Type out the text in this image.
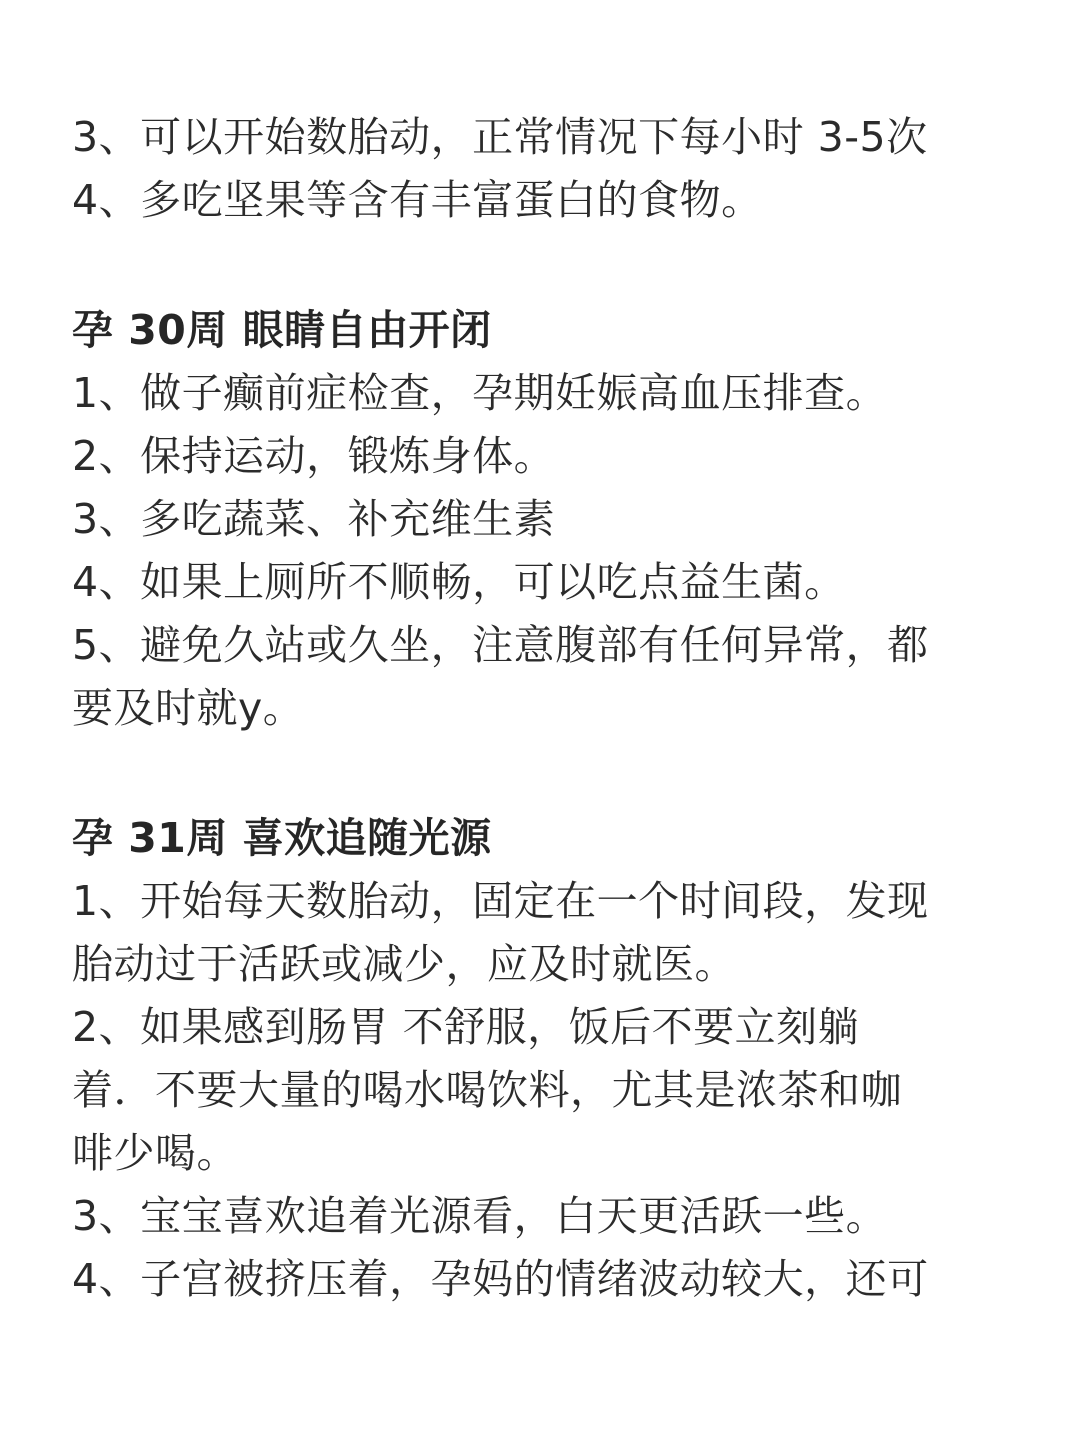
3、可以开始数胎动，正常情况下每小时 3-5次
4、多吃坚果等含有丰富蛋白的食物。
孕 30周 眼睛自由开闭
1、做子癫前症检查，孕期妊娠高血压排查。
2、保持运动，锻炼身体。
3、多吃蔬菜、补充维生素
4、如果上厕所不顺畅，可以吃点益生菌。
5、避免久站或久坐，注意腹部有任何异常，都
要及时就y。
孕 31周 喜欢追随光源
1、开始每天数胎动，固定在一个时间段，发现
胎动过于活跃或减少，应及时就医。
2、如果感到肠胃 不舒服，饭后不要立刻躺
着．不要大量的喝水喝饮料，尤其是浓茶和咖
啡少喝。
3、宝宝喜欢追着光源看，白天更活跃一些。
4、子宫被挤压着，孕妈的情绪波动较大，还可
